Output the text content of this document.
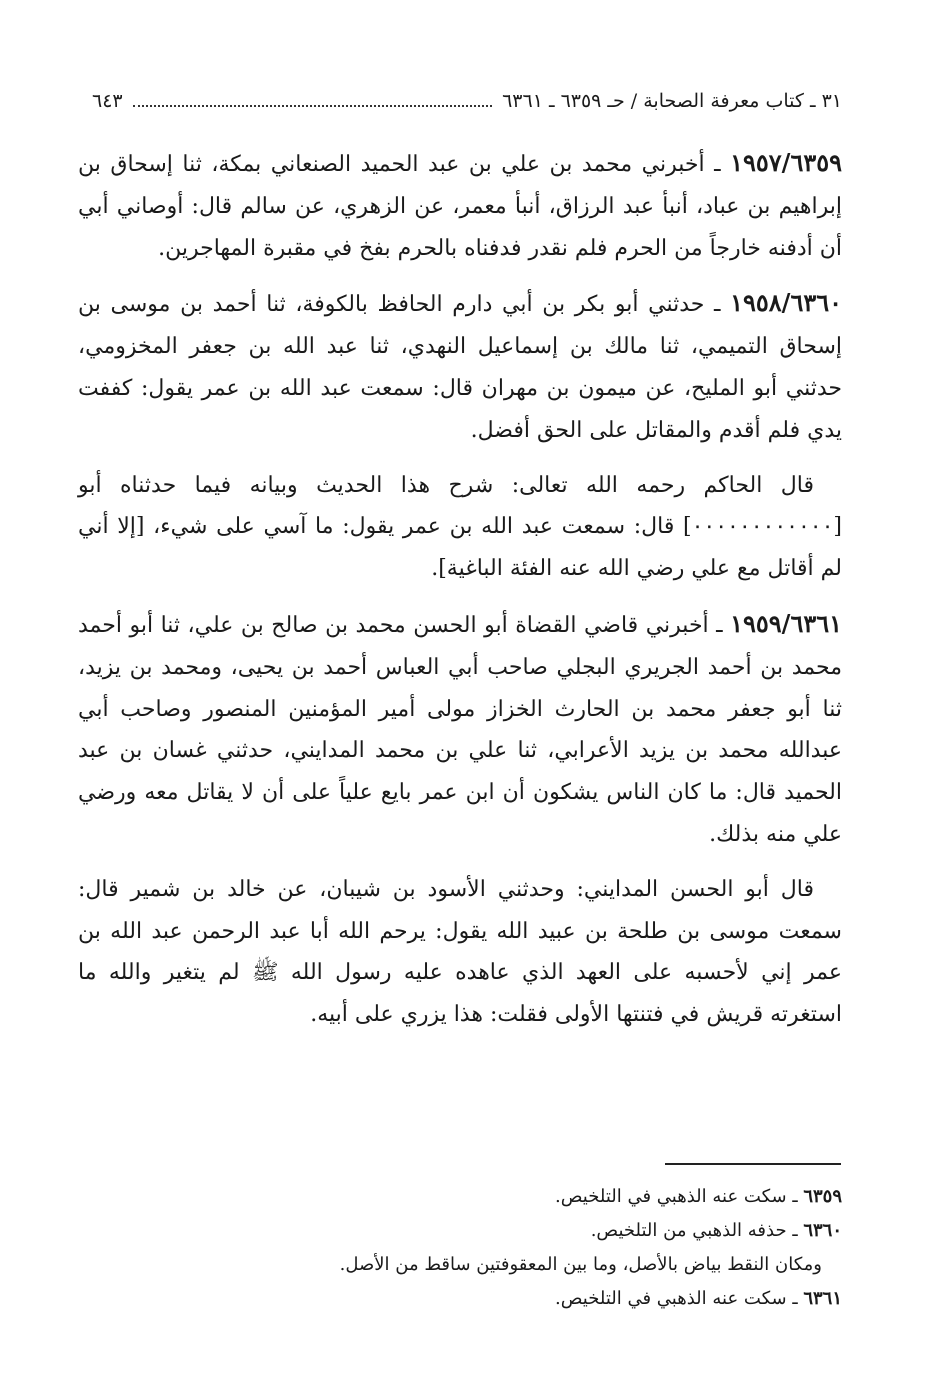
٣١ ـ كتاب معرفة الصحابة / حـ ٦٣٥٩ ـ ٦٣٦١
٦٤٣

١٩٥٧/٦٣٥٩ ـ أخبرني محمد بن علي بن عبد الحميد الصنعاني بمكة، ثنا إسحاق بن إبراهيم بن عباد، أنبأ عبد الرزاق، أنبأ معمر، عن الزهري، عن سالم قال: أوصاني أبي أن أدفنه خارجاً من الحرم فلم نقدر فدفناه بالحرم بفخ في مقبرة المهاجرين.

١٩٥٨/٦٣٦٠ ـ حدثني أبو بكر بن أبي دارم الحافظ بالكوفة، ثنا أحمد بن موسى بن إسحاق التميمي، ثنا مالك بن إسماعيل النهدي، ثنا عبد الله بن جعفر المخزومي، حدثني أبو المليح، عن ميمون بن مهران قال: سمعت عبد الله بن عمر يقول: كففت يدي فلم أقدم والمقاتل على الحق أفضل.

قال الحاكم رحمه الله تعالى: شرح هذا الحديث وبيانه فيما حدثناه أبو [٠٠٠٠٠٠٠٠٠٠٠٠] قال: سمعت عبد الله بن عمر يقول: ما آسي على شيء، [إلا أني لم أقاتل مع علي رضي الله عنه الفئة الباغية].

١٩٥٩/٦٣٦١ ـ أخبرني قاضي القضاة أبو الحسن محمد بن صالح بن علي، ثنا أبو أحمد محمد بن أحمد الجريري البجلي صاحب أبي العباس أحمد بن يحيى، ومحمد بن يزيد، ثنا أبو جعفر محمد بن الحارث الخزاز مولى أمير المؤمنين المنصور وصاحب أبي عبدالله محمد بن يزيد الأعرابي، ثنا علي بن محمد المدايني، حدثني غسان بن عبد الحميد قال: ما كان الناس يشكون أن ابن عمر بايع علياً على أن لا يقاتل معه ورضي علي منه بذلك.

قال أبو الحسن المدايني: وحدثني الأسود بن شيبان، عن خالد بن شمير قال: سمعت موسى بن طلحة بن عبيد الله يقول: يرحم الله أبا عبد الرحمن عبد الله بن عمر إني لأحسبه على العهد الذي عاهده عليه رسول الله ﷺ لم يتغير والله ما استغرته قريش في فتنتها الأولى فقلت: هذا يزري على أبيه.

٦٣٥٩ ـ سكت عنه الذهبي في التلخيص.

٦٣٦٠ ـ حذفه الذهبي من التلخيص.

ومكان النقط بياض بالأصل، وما بين المعقوفتين ساقط من الأصل.

٦٣٦١ ـ سكت عنه الذهبي في التلخيص.
